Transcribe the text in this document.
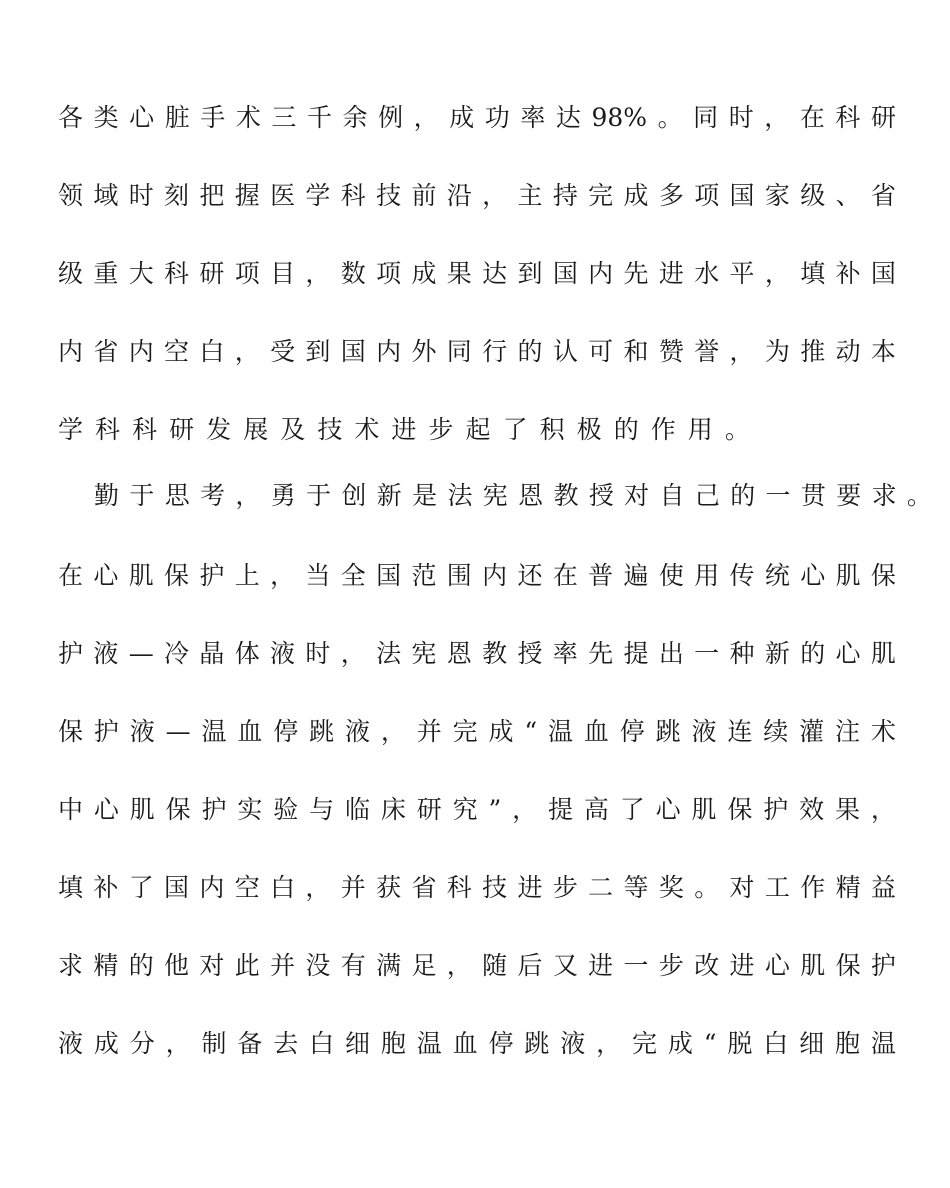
各 类 心 脏 手 术 三 千 余 例 ， 成 功 率 达 98% 。 同 时 ， 在 科 研
领 域 时 刻 把 握 医 学 科 技 前 沿 ， 主 持 完 成 多 项 国 家 级 、 省
级 重 大 科 研 项 目 ， 数 项 成 果 达 到 国 内 先 进 水 平 ， 填 补 国
内 省 内 空 白 ， 受 到 国 内 外 同 行 的 认 可 和 赞 誉 ， 为 推 动 本
学 科 科 研 发 展 及 技 术 进 步 起 了 积 极 的 作 用 。
勤 于 思 考 ， 勇 于 创 新 是 法 宪 恩 教 授 对 自 己 的 一 贯 要 求 。
在 心 肌 保 护 上 ， 当 全 国 范 围 内 还 在 普 遍 使 用 传 统 心 肌 保
护 液 — 冷 晶 体 液 时 ， 法 宪 恩 教 授 率 先 提 出 一 种 新 的 心 肌
保 护 液 — 温 血 停 跳 液 ， 并 完 成 “ 温 血 停 跳 液 连 续 灌 注 术
中 心 肌 保 护 实 验 与 临 床 研 究 ” ， 提 高 了 心 肌 保 护 效 果 ，
填 补 了 国 内 空 白 ， 并 获 省 科 技 进 步 二 等 奖 。 对 工 作 精 益
求 精 的 他 对 此 并 没 有 满 足 ， 随 后 又 进 一 步 改 进 心 肌 保 护
液 成 分 ， 制 备 去 白 细 胞 温 血 停 跳 液 ， 完 成 “ 脱 白 细 胞 温
